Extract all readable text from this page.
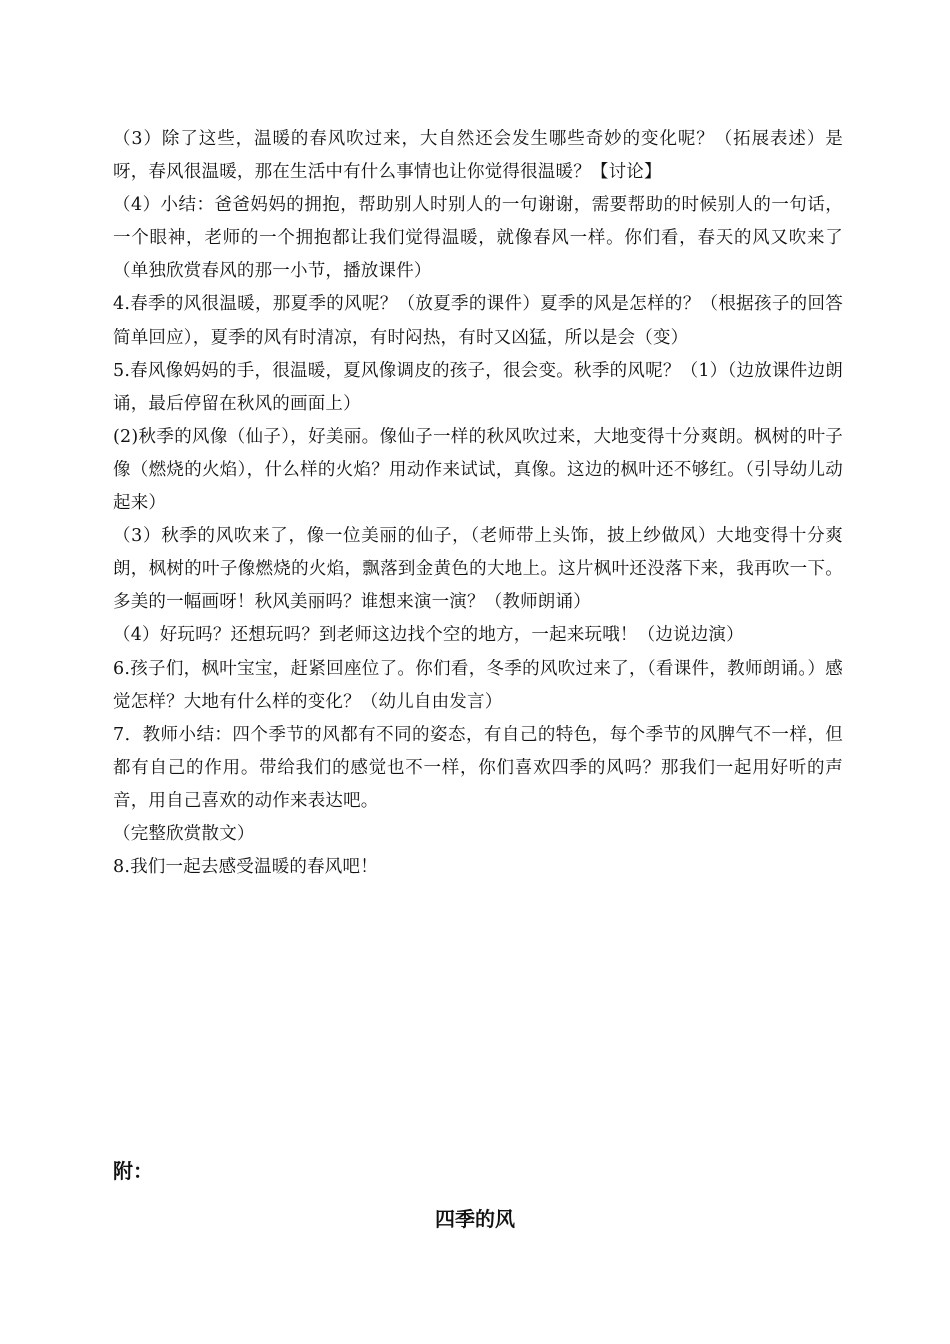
（3）除了这些，温暖的春风吹过来，大自然还会发生哪些奇妙的变化呢？（拓展表述）是呀，春风很温暖，那在生活中有什么事情也让你觉得很温暖？【讨论】

（4）小结：爸爸妈妈的拥抱，帮助别人时别人的一句谢谢，需要帮助的时候别人的一句话，一个眼神，老师的一个拥抱都让我们觉得温暖，就像春风一样。你们看，春天的风又吹来了（单独欣赏春风的那一小节，播放课件）

4.春季的风很温暖，那夏季的风呢？（放夏季的课件）夏季的风是怎样的？（根据孩子的回答简单回应），夏季的风有时清凉，有时闷热，有时又凶猛，所以是会（变）

5.春风像妈妈的手，很温暖，夏风像调皮的孩子，很会变。秋季的风呢？（1）（边放课件边朗诵，最后停留在秋风的画面上）

(2)秋季的风像（仙子），好美丽。像仙子一样的秋风吹过来，大地变得十分爽朗。枫树的叶子像（燃烧的火焰），什么样的火焰？用动作来试试，真像。这边的枫叶还不够红。（引导幼儿动起来）

（3）秋季的风吹来了，像一位美丽的仙子，（老师带上头饰，披上纱做风）大地变得十分爽朗，枫树的叶子像燃烧的火焰，飘落到金黄色的大地上。这片枫叶还没落下来，我再吹一下。多美的一幅画呀！秋风美丽吗？谁想来演一演？（教师朗诵）

（4）好玩吗？还想玩吗？到老师这边找个空的地方，一起来玩哦！（边说边演）

6.孩子们，枫叶宝宝，赶紧回座位了。你们看，冬季的风吹过来了，（看课件，教师朗诵。）感觉怎样？大地有什么样的变化？（幼儿自由发言）

7．教师小结：四个季节的风都有不同的姿态，有自己的特色，每个季节的风脾气不一样，但都有自己的作用。带给我们的感觉也不一样，你们喜欢四季的风吗？那我们一起用好听的声音，用自己喜欢的动作来表达吧。

（完整欣赏散文）

8.我们一起去感受温暖的春风吧！

附：

四季的风
